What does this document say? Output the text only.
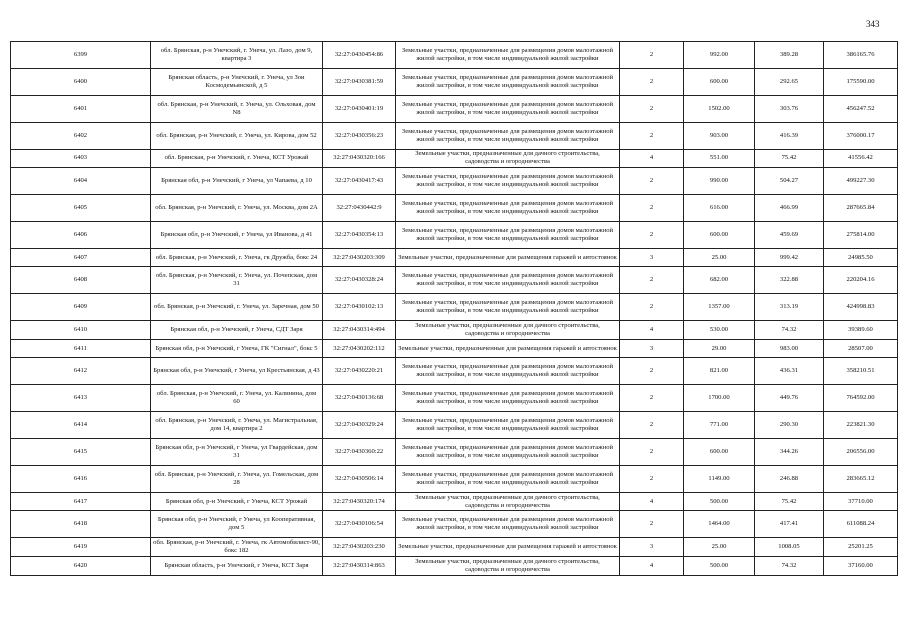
343
6399	обл. Брянская, р-н Унечский, г. Унеча, ул. Лазо, дом 9, квартира 3	32:27:0430454:86	Земельные участки, предназначенные для размещения домов малоэтажной жилой застройки, в том числе индивидуальной жилой застройки	2	992.00	389.28	386165.76
6400	Брянская область, р-н Унечский, г. Унеча, ул Зои Космодемьянской, д 5	32:27:0430381:59	Земельные участки, предназначенные для размещения домов малоэтажной жилой застройки, в том числе индивидуальной жилой застройки	2	600.00	292.65	175590.00
6401	обл. Брянская, р-н Унечский, г. Унеча, ул. Ольховая, дом N8	32:27:0430401:19	Земельные участки, предназначенные для размещения домов малоэтажной жилой застройки, в том числе индивидуальной жилой застройки	2	1502.00	303.76	456247.52
6402	обл. Брянская, р-н Унечский, г. Унеча, ул. Кирова, дом 52	32:27:0430356:23	Земельные участки, предназначенные для размещения домов малоэтажной жилой застройки, в том числе индивидуальной жилой застройки	2	903.00	416.39	376000.17
6403	обл. Брянская, р-н Унечский, г. Унеча, КСТ Урожай	32:27:0430320:166	Земельные участки, предназначенные для дачного строительства, садоводства и огородничества	4	551.00	75.42	41556.42
6404	Брянская обл, р-н Унечский, г Унеча, ул Чапаева, д 10	32:27:0430417:43	Земельные участки, предназначенные для размещения домов малоэтажной жилой застройки, в том числе индивидуальной жилой застройки	2	990.00	504.27	499227.30
6405	обл. Брянская, р-н Унечский, г. Унеча, ул. Москва, дом 2А	32:27:0430442:9	Земельные участки, предназначенные для размещения домов малоэтажной жилой застройки, в том числе индивидуальной жилой застройки	2	616.00	466.99	287665.84
6406	Брянская обл, р-н Унечский, г Унеча, ул Иванова, д 41	32:27:0430354:13	Земельные участки, предназначенные для размещения домов малоэтажной жилой застройки, в том числе индивидуальной жилой застройки	2	600.00	459.69	275814.00
6407	обл. Брянская, р-н Унечский, г. Унеча, гк Дружба, бокс 24	32:27:0430203:309	Земельные участки, предназначенные для размещения гаражей и автостоянок	3	25.00	999.42	24985.50
6408	обл. Брянская, р-н Унечский, г. Унеча, ул. Почепская, дом 31	32:27:0430328:24	Земельные участки, предназначенные для размещения домов малоэтажной жилой застройки, в том числе индивидуальной жилой застройки	2	682.00	322.88	220204.16
6409	обл. Брянская, р-н Унечский, г. Унеча, ул. Заречная, дом 50	32:27:0430102:13	Земельные участки, предназначенные для размещения домов малоэтажной жилой застройки, в том числе индивидуальной жилой застройки	2	1357.00	313.19	424998.83
6410	Брянская обл, р-н Унечский, г Унеча, СДТ Заря	32:27:0430314:494	Земельные участки, предназначенные для дачного строительства, садоводства и огородничества	4	530.00	74.32	39389.60
6411	Брянская обл, р-н Унечский, г Унеча, ГК "Сигнал", бокс 5	32:27:0430202:112	Земельные участки, предназначенные для размещения гаражей и автостоянок	3	29.00	983.00	28507.00
6412	Брянская обл, р-н Унечский, г Унеча, ул Крестьянская, д 43	32:27:0430220:21	Земельные участки, предназначенные для размещения домов малоэтажной жилой застройки, в том числе индивидуальной жилой застройки	2	821.00	436.31	358210.51
6413	обл. Брянская, р-н Унечский, г. Унеча, ул. Калинина, дом 60	32:27:0430136:68	Земельные участки, предназначенные для размещения домов малоэтажной жилой застройки, в том числе индивидуальной жилой застройки	2	1700.00	449.76	764592.00
6414	обл. Брянская, р-н Унечский, г. Унеча, ул. Магистральная, дом 14, квартира 2	32:27:0430329:24	Земельные участки, предназначенные для размещения домов малоэтажной жилой застройки, в том числе индивидуальной жилой застройки	2	771.00	290.30	223821.30
6415	Брянская обл, р-н Унечский, г Унеча, ул Гвардейская, дом 31	32:27:0430360:22	Земельные участки, предназначенные для размещения домов малоэтажной жилой застройки, в том числе индивидуальной жилой застройки	2	600.00	344.26	206556.00
6416	обл. Брянская, р-н Унечский, г. Унеча, ул. Гомельская, дом 28	32:27:0430506:14	Земельные участки, предназначенные для размещения домов малоэтажной жилой застройки, в том числе индивидуальной жилой застройки	2	1149.00	246.88	283665.12
6417	Брянская обл, р-н Унечский, г Унеча, КСТ Урожай	32:27:0430320:174	Земельные участки, предназначенные для дачного строительства, садоводства и огородничества	4	500.00	75.42	37710.00
6418	Брянская обл, р-н Унечский, г Унеча, ул Кооперативная, дом 5	32:27:0430106:54	Земельные участки, предназначенные для размещения домов малоэтажной жилой застройки, в том числе индивидуальной жилой застройки	2	1464.00	417.41	611088.24
6419	обл. Брянская, р-н Унечский, г. Унеча, гк Автомобилист-90, бокс 182	32:27:0430203:230	Земельные участки, предназначенные для размещения гаражей и автостоянок	3	25.00	1008.05	25201.25
6420	Брянская область, р-н Унечский, г Унеча, КСТ Заря	32:27:0430314:863	Земельные участки, предназначенные для дачного строительства, садоводства и огородничества	4	500.00	74.32	37160.00
